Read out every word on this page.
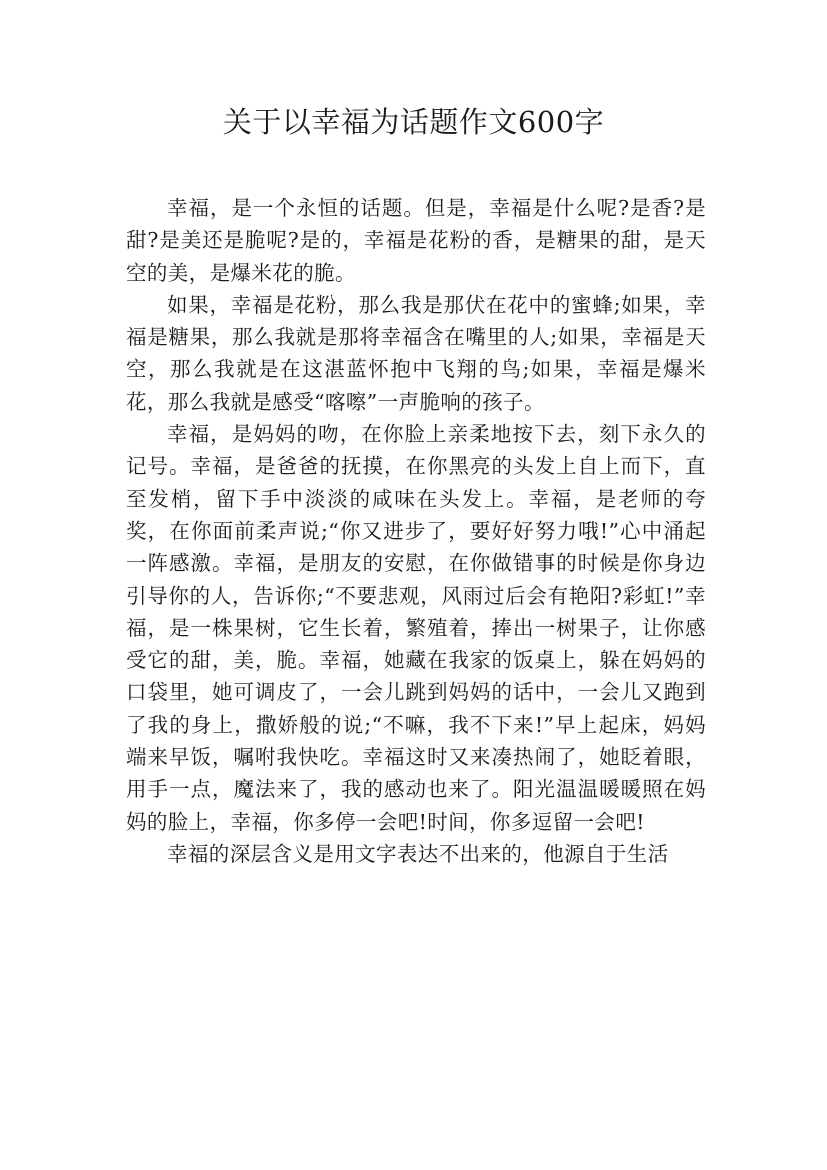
关于以幸福为话题作文600字

幸福，是一个永恒的话题。但是，幸福是什么呢?是香?是甜?是美还是脆呢?是的，幸福是花粉的香，是糖果的甜，是天空的美，是爆米花的脆。

如果，幸福是花粉，那么我是那伏在花中的蜜蜂;如果，幸福是糖果，那么我就是那将幸福含在嘴里的人;如果，幸福是天空，那么我就是在这湛蓝怀抱中飞翔的鸟;如果，幸福是爆米花，那么我就是感受“喀嚓”一声脆响的孩子。

幸福，是妈妈的吻，在你脸上亲柔地按下去，刻下永久的记号。幸福，是爸爸的抚摸，在你黑亮的头发上自上而下，直至发梢，留下手中淡淡的咸味在头发上。幸福，是老师的夸奖，在你面前柔声说;“你又进步了，要好好努力哦!”心中涌起一阵感激。幸福，是朋友的安慰，在你做错事的时候是你身边引导你的人，告诉你;“不要悲观，风雨过后会有艳阳?彩虹!”幸福，是一株果树，它生长着，繁殖着，捧出一树果子，让你感受它的甜，美，脆。幸福，她藏在我家的饭桌上，躲在妈妈的口袋里，她可调皮了，一会儿跳到妈妈的话中，一会儿又跑到了我的身上，撒娇般的说;“不嘛，我不下来!”早上起床，妈妈端来早饭，嘱咐我快吃。幸福这时又来凑热闹了，她眨着眼，用手一点，魔法来了，我的感动也来了。阳光温温暖暖照在妈妈的脸上，幸福，你多停一会吧!时间，你多逗留一会吧!

幸福的深层含义是用文字表达不出来的，他源自于生活
